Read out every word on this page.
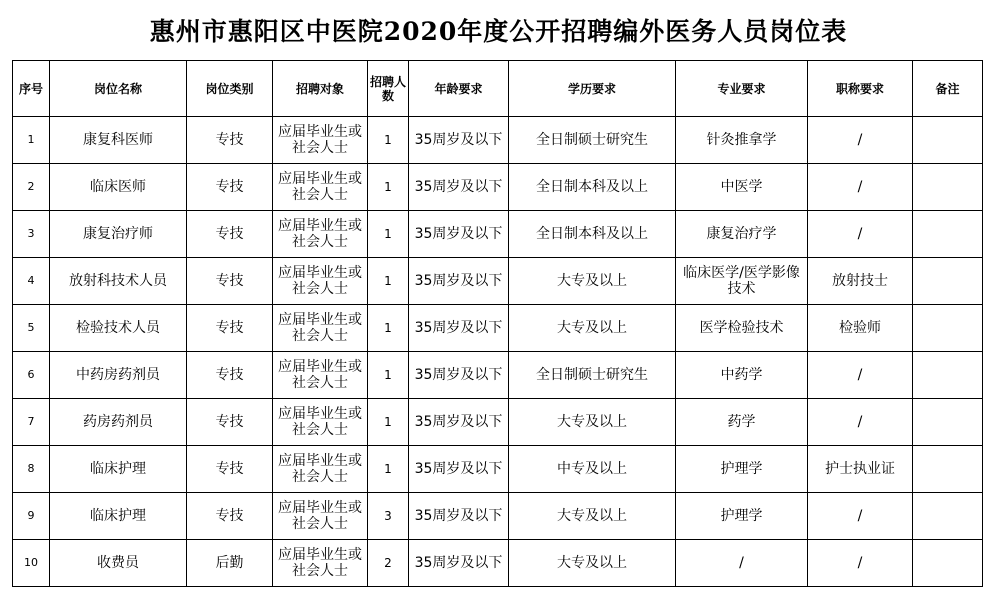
惠州市惠阳区中医院2020年度公开招聘编外医务人员岗位表
序号	岗位名称	岗位类别	招聘对象	招聘人数	年龄要求	学历要求	专业要求	职称要求	备注
1	康复科医师	专技	应届毕业生或社会人士	1	35周岁及以下	全日制硕士研究生	针灸推拿学	/	
2	临床医师	专技	应届毕业生或社会人士	1	35周岁及以下	全日制本科及以上	中医学	/	
3	康复治疗师	专技	应届毕业生或社会人士	1	35周岁及以下	全日制本科及以上	康复治疗学	/	
4	放射科技术人员	专技	应届毕业生或社会人士	1	35周岁及以下	大专及以上	临床医学/医学影像技术	放射技士	
5	检验技术人员	专技	应届毕业生或社会人士	1	35周岁及以下	大专及以上	医学检验技术	检验师	
6	中药房药剂员	专技	应届毕业生或社会人士	1	35周岁及以下	全日制硕士研究生	中药学	/	
7	药房药剂员	专技	应届毕业生或社会人士	1	35周岁及以下	大专及以上	药学	/	
8	临床护理	专技	应届毕业生或社会人士	1	35周岁及以下	中专及以上	护理学	护士执业证	
9	临床护理	专技	应届毕业生或社会人士	3	35周岁及以下	大专及以上	护理学	/	
10	收费员	后勤	应届毕业生或社会人士	2	35周岁及以下	大专及以上	/	/	
